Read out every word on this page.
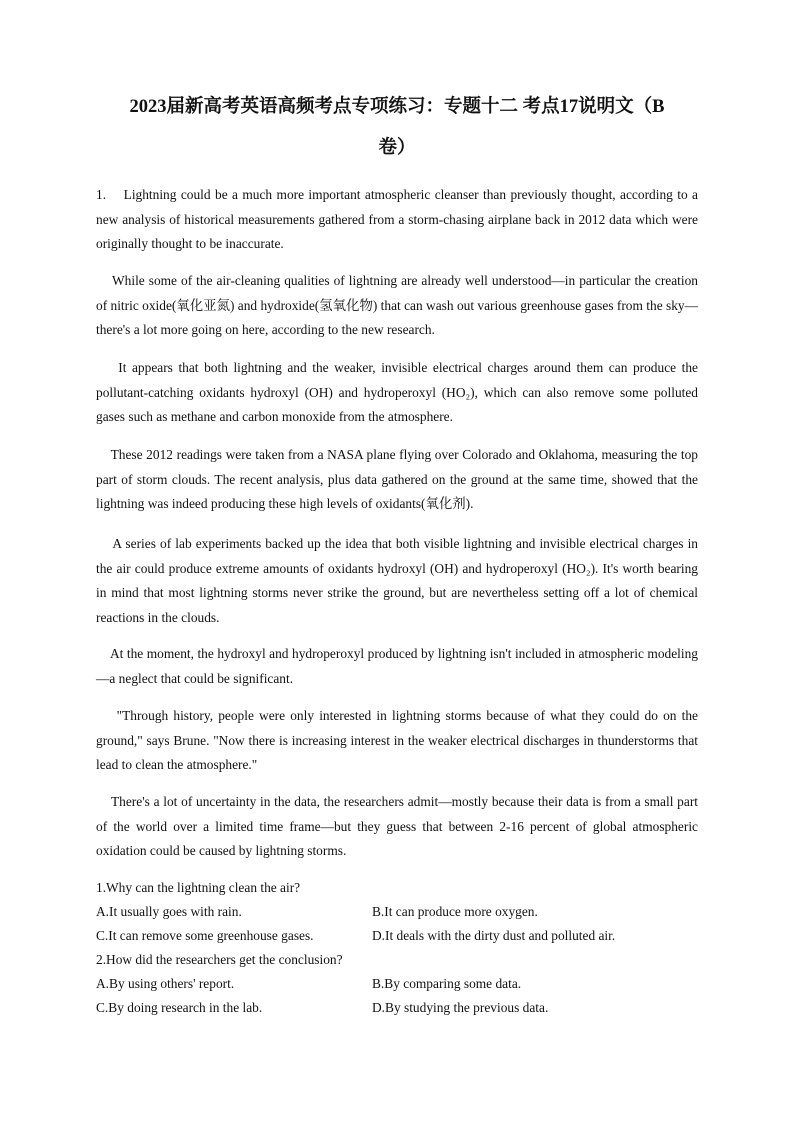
2023届新高考英语高频考点专项练习：专题十二 考点17说明文（B
卷）
1.    Lightning could be a much more important atmospheric cleanser than previously thought, according to a new analysis of historical measurements gathered from a storm-chasing airplane back in 2012 data which were originally thought to be inaccurate.
While some of the air-cleaning qualities of lightning are already well understood—in particular the creation of nitric oxide(氧化亚氮) and hydroxide(氢氧化物) that can wash out various greenhouse gases from the sky—there's a lot more going on here, according to the new research.
It appears that both lightning and the weaker, invisible electrical charges around them can produce the pollutant-catching oxidants hydroxyl (OH) and hydroperoxyl (HO₂), which can also remove some polluted gases such as methane and carbon monoxide from the atmosphere.
These 2012 readings were taken from a NASA plane flying over Colorado and Oklahoma, measuring the top part of storm clouds. The recent analysis, plus data gathered on the ground at the same time, showed that the lightning was indeed producing these high levels of oxidants(氧化剂).
A series of lab experiments backed up the idea that both visible lightning and invisible electrical charges in the air could produce extreme amounts of oxidants hydroxyl (OH) and hydroperoxyl (HO₂). It's worth bearing in mind that most lightning storms never strike the ground, but are nevertheless setting off a lot of chemical reactions in the clouds.
At the moment, the hydroxyl and hydroperoxyl produced by lightning isn't included in atmospheric modeling —a neglect that could be significant.
"Through history, people were only interested in lightning storms because of what they could do on the ground," says Brune. "Now there is increasing interest in the weaker electrical discharges in thunderstorms that lead to clean the atmosphere."
There's a lot of uncertainty in the data, the researchers admit—mostly because their data is from a small part of the world over a limited time frame—but they guess that between 2-16 percent of global atmospheric oxidation could be caused by lightning storms.
1.Why can the lightning clean the air?
A.It usually goes with rain.	B.It can produce more oxygen.
C.It can remove some greenhouse gases.	D.It deals with the dirty dust and polluted air.
2.How did the researchers get the conclusion?
A.By using others' report.	B.By comparing some data.
C.By doing research in the lab.	D.By studying the previous data.
